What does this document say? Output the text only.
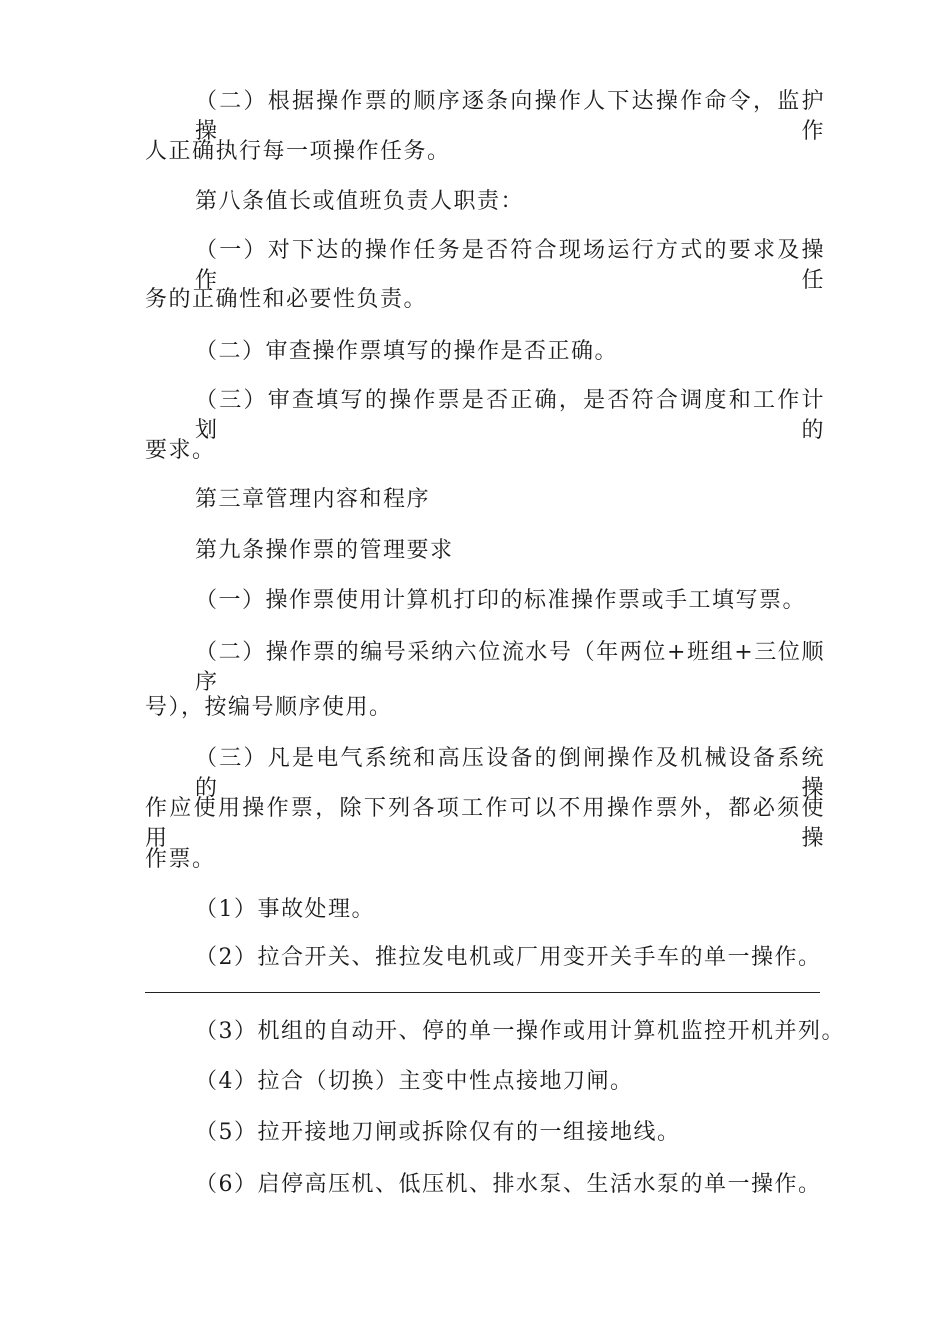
（二）根据操作票的顺序逐条向操作人下达操作命令，监护操作
人正确执行每一项操作任务。
第八条值长或值班负责人职责：
（一）对下达的操作任务是否符合现场运行方式的要求及操作任
务的正确性和必要性负责。
（二）审查操作票填写的操作是否正确。
（三）审查填写的操作票是否正确，是否符合调度和工作计划的
要求。
第三章管理内容和程序
第九条操作票的管理要求
（一）操作票使用计算机打印的标准操作票或手工填写票。
（二）操作票的编号采纳六位流水号（年两位+班组+三位顺序
号），按编号顺序使用。
（三）凡是电气系统和高压设备的倒闸操作及机械设备系统的操
作应使用操作票，除下列各项工作可以不用操作票外，都必须使用操
作票。
（1）事故处理。
（2）拉合开关、推拉发电机或厂用变开关手车的单一操作。
（3）机组的自动开、停的单一操作或用计算机监控开机并列。
（4）拉合（切换）主变中性点接地刀闸。
（5）拉开接地刀闸或拆除仅有的一组接地线。
（6）启停高压机、低压机、排水泵、生活水泵的单一操作。
